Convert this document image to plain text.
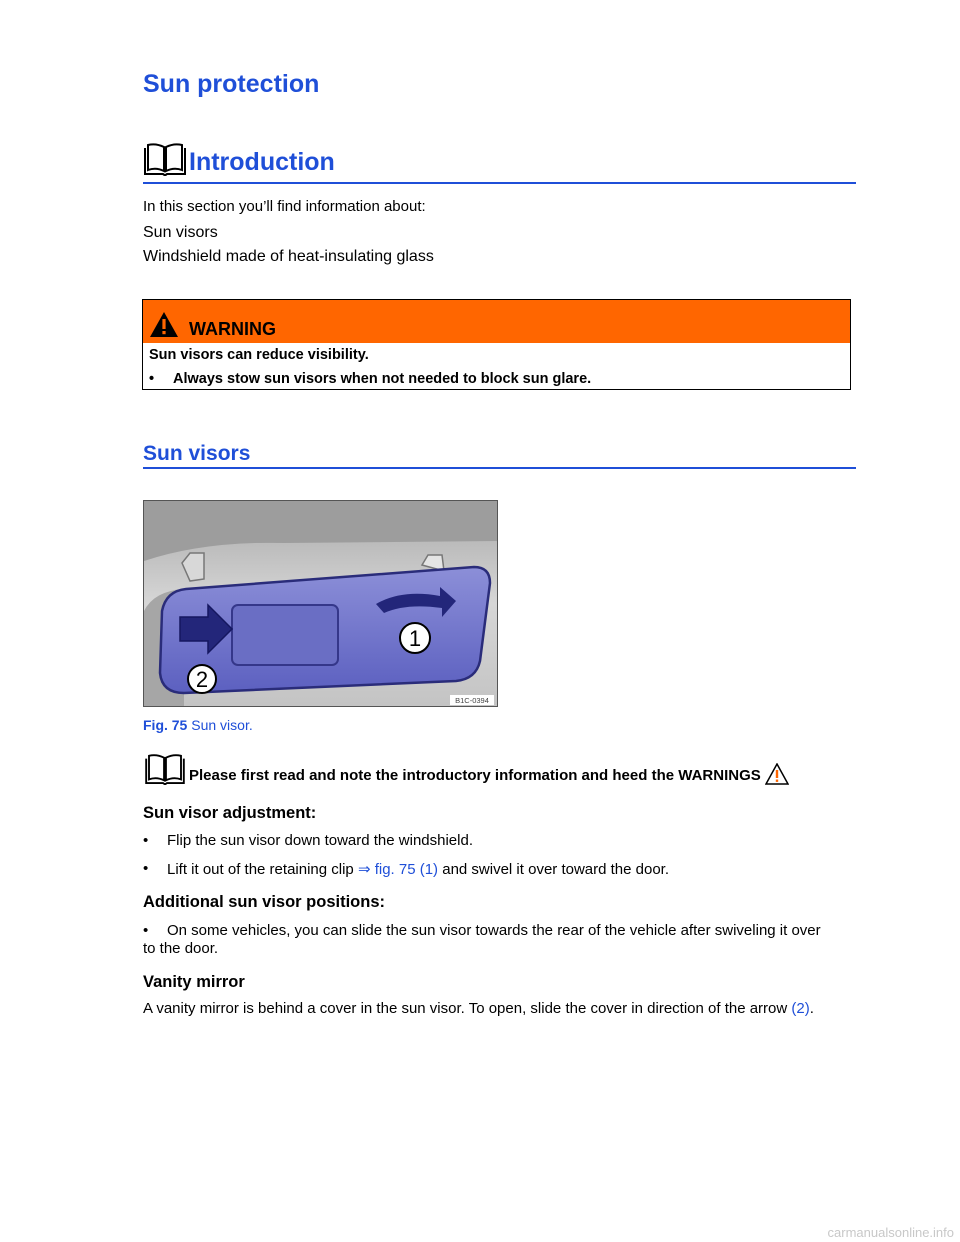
Sun protection
Introduction
In this section you’ll find information about:
Sun visors
Windshield made of heat-insulating glass
WARNING
Sun visors can reduce visibility.
• Always stow sun visors when not needed to block sun glare.
Sun visors
1
2
B1C-0394
Fig. 75 Sun visor.
Please first read and note the introductory information and heed the WARNINGS
Sun visor adjustment:
•	Flip the sun visor down toward the windshield.
•	Lift it out of the retaining clip ⇒ fig. 75 (1) and swivel it over toward the door.
Additional sun visor positions:
•	On some vehicles, you can slide the sun visor towards the rear of the vehicle after swiveling it over
to the door.
Vanity mirror
A vanity mirror is behind a cover in the sun visor. To open, slide the cover in direction of the arrow (2).
carmanualsonline.info
